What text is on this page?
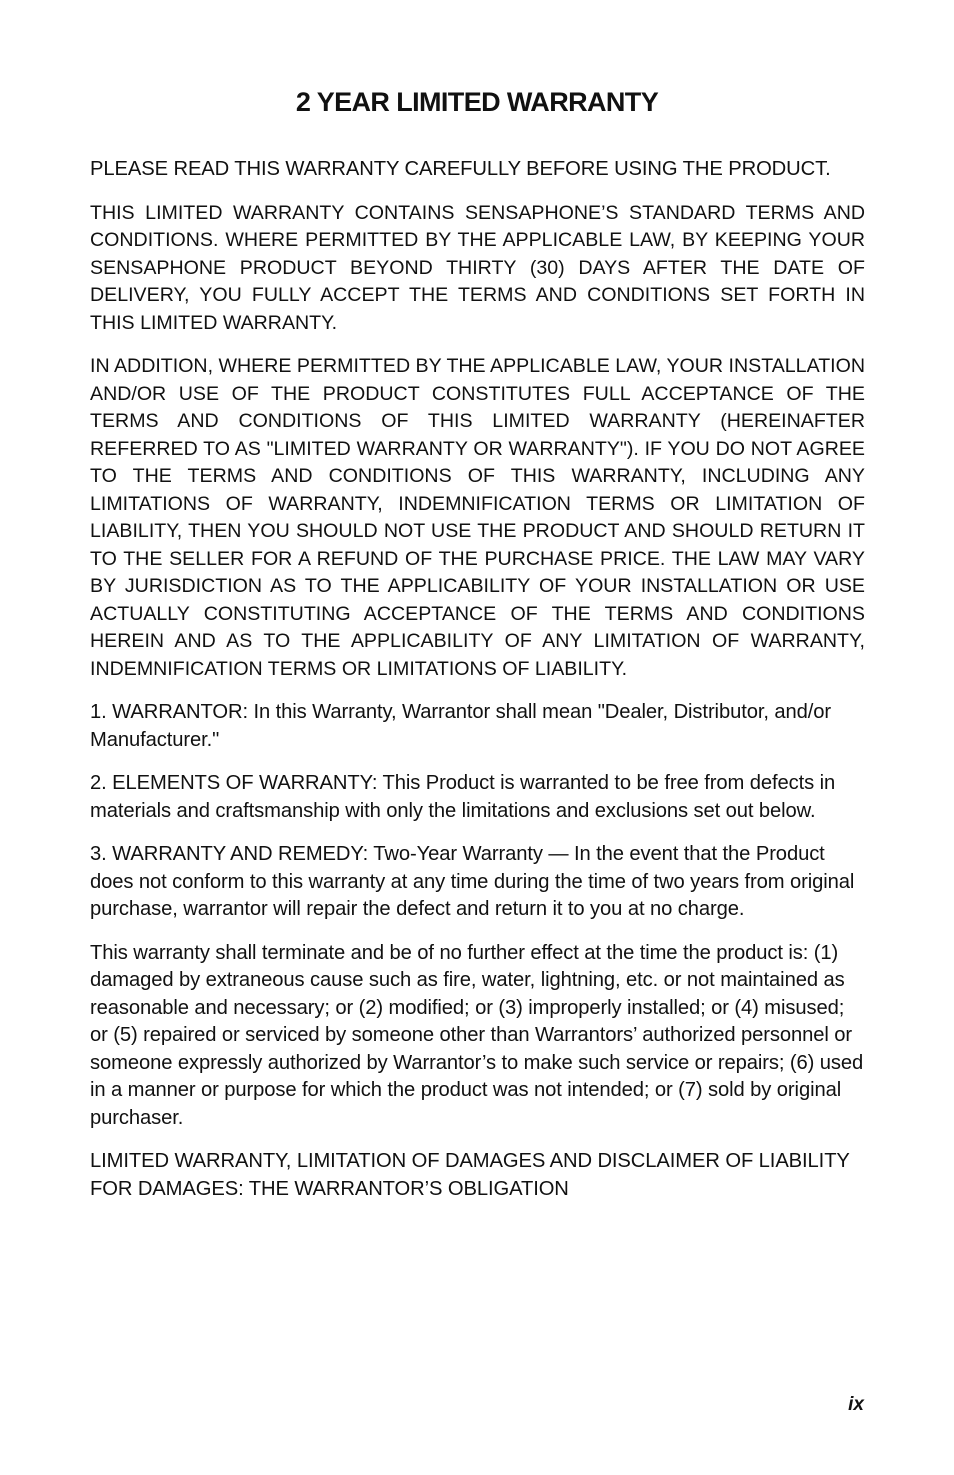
2 YEAR LIMITED WARRANTY

PLEASE READ THIS WARRANTY CAREFULLY BEFORE USING THE PRODUCT.

THIS LIMITED WARRANTY CONTAINS SENSAPHONE’S STANDARD TERMS AND CONDITIONS. WHERE PERMITTED BY THE APPLICABLE LAW, BY KEEPING YOUR SENSAPHONE PRODUCT BEYOND THIRTY (30) DAYS AFTER THE DATE OF DELIVERY, YOU FULLY ACCEPT THE TERMS AND CONDITIONS SET FORTH IN THIS LIMITED WARRANTY.

IN ADDITION, WHERE PERMITTED BY THE APPLICABLE LAW, YOUR INSTALLATION AND/OR USE OF THE PRODUCT CONSTITUTES FULL ACCEPTANCE OF THE TERMS AND CONDITIONS OF THIS LIMITED WARRANTY (HEREINAFTER REFERRED TO AS "LIMITED WARRANTY OR WARRANTY"). IF YOU DO NOT AGREE TO THE TERMS AND CONDITIONS OF THIS WARRANTY, INCLUDING ANY LIMITATIONS OF WARRANTY, INDEMNIFICATION TERMS OR LIMITATION OF LIABILITY, THEN YOU SHOULD NOT USE THE PRODUCT AND SHOULD RETURN IT TO THE SELLER FOR A REFUND OF THE PURCHASE PRICE. THE LAW MAY VARY BY JURISDICTION AS TO THE APPLICABILITY OF YOUR INSTALLATION OR USE ACTUALLY CONSTITUTING ACCEPTANCE OF THE TERMS AND CONDITIONS HEREIN AND AS TO THE APPLICABILITY OF ANY LIMITATION OF WARRANTY, INDEMNIFICATION TERMS OR LIMITATIONS OF LIABILITY.

1. WARRANTOR: In this Warranty, Warrantor shall mean "Dealer, Distributor, and/or Manufacturer."

2. ELEMENTS OF WARRANTY: This Product is warranted to be free from defects in materials and craftsmanship with only the limitations and exclusions set out below.

3. WARRANTY AND REMEDY: Two-Year Warranty — In the event that the Product does not conform to this warranty at any time during the time of two years from original purchase, warrantor will repair the defect and return it to you at no charge.

This warranty shall terminate and be of no further effect at the time the product is: (1) damaged by extraneous cause such as fire, water, lightning, etc. or not maintained as reasonable and necessary; or (2) modified; or (3) improperly installed; or (4) misused; or (5) repaired or serviced by someone other than Warrantors’ authorized personnel or someone expressly authorized by Warrantor’s to make such service or repairs; (6) used in a manner or purpose for which the product was not intended; or (7) sold by original purchaser.

LIMITED WARRANTY, LIMITATION OF DAMAGES AND DISCLAIMER OF LIABILITY FOR DAMAGES: THE WARRANTOR’S OBLIGATION

ix
